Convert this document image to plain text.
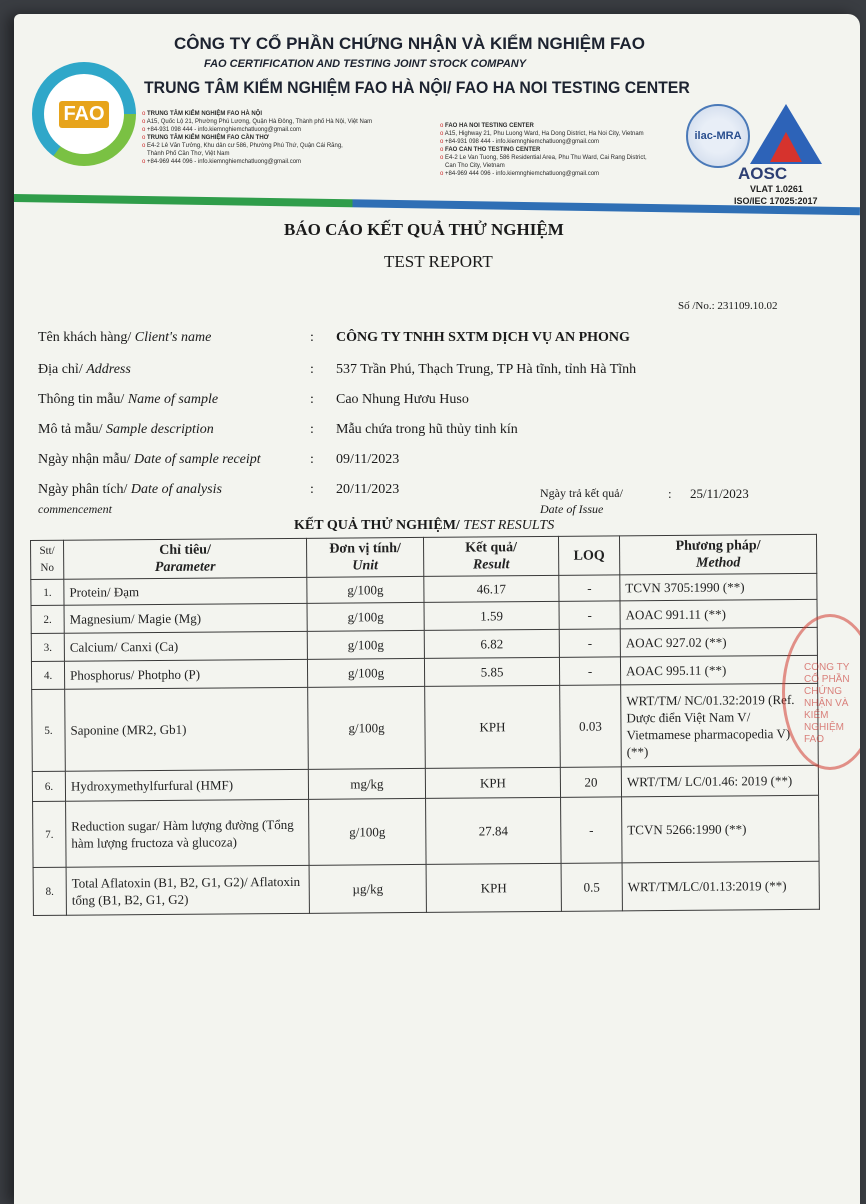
FAO
CÔNG TY CỔ PHẦN CHỨNG NHẬN VÀ KIỂM NGHIỆM FAO
FAO CERTIFICATION AND TESTING JOINT STOCK COMPANY
TRUNG TÂM KIỂM NGHIỆM FAO HÀ NỘI/ FAO HA NOI TESTING CENTER
o TRUNG TÂM KIỂM NGHIỆM FAO HÀ NỘI
o A15, Quốc Lộ 21, Phường Phú Lương, Quận Hà Đông, Thành phố Hà Nội, Việt Nam
o +84-931 098 444 - info.kiemnghiemchatluong@gmail.com
o TRUNG TÂM KIỂM NGHIỆM FAO CẦN THƠ
o E4-2 Lê Văn Tưởng, Khu dân cư 586, Phường Phú Thứ, Quận Cái Răng,
Thành Phố Cần Thơ, Việt Nam
o +84-969 444 096 - info.kiemnghiemchatluong@gmail.com
o FAO HA NOI TESTING CENTER
o A15, Highway 21, Phu Luong Ward, Ha Dong District, Ha Noi City, Vietnam
o +84-931 098 444 - info.kiemnghiemchatluong@gmail.com
o FAO CAN THO TESTING CENTER
o E4-2 Le Van Tuong, 586 Residential Area, Phu Thu Ward, Cai Rang District,
Can Tho City, Vietnam
o +84-969 444 096 - info.kiemnghiemchatluong@gmail.com
ilac-MRA
AOSC
VLAT 1.0261
ISO/IEC 17025:2017
BÁO CÁO KẾT QUẢ THỬ NGHIỆM
TEST REPORT
Số /No.: 231109.10.02
Tên khách hàng/ Client's name	: CÔNG TY TNHH SXTM DỊCH VỤ AN PHONG
Địa chỉ/ Address	: 537 Trần Phú, Thạch Trung, TP Hà tĩnh, tỉnh Hà Tĩnh
Thông tin mẫu/ Name of sample	: Cao Nhung Hươu Huso
Mô tả mẫu/ Sample description	: Mẫu chứa trong hũ thủy tinh kín
Ngày nhận mẫu/ Date of sample receipt	: 09/11/2023
Ngày phân tích/ Date of analysis
commencement
: 20/11/2023	Ngày trả kết quả/
Date of Issue
: 25/11/2023
KẾT QUẢ THỬ NGHIỆM/ TEST RESULTS
Stt/
No	Chỉ tiêu/
Parameter	Đơn vị tính/
Unit	Kết quả/
Result	LOQ	Phương pháp/
Method
1.	Protein/ Đạm	g/100g	46.17	-	TCVN 3705:1990 (**)
2.	Magnesium/ Magie (Mg)	g/100g	1.59	-	AOAC 991.11 (**)
3.	Calcium/ Canxi (Ca)	g/100g	6.82	-	AOAC 927.02 (**)
4.	Phosphorus/ Photpho (P)	g/100g	5.85	-	AOAC 995.11 (**)
5.	Saponine (MR2, Gb1)	g/100g	KPH	0.03	WRT/TM/ NC/01.32:2019 (Ref. Dược điển Việt Nam V/ Vietmamese pharmacopedia V) (**)
6.	Hydroxymethylfurfural (HMF)	mg/kg	KPH	20	WRT/TM/ LC/01.46: 2019 (**)
7.	Reduction sugar/ Hàm lượng đường (Tổng hàm lượng fructoza và glucoza)	g/100g	27.84	-	TCVN 5266:1990 (**)
8.	Total Aflatoxin (B1, B2, G1, G2)/ Aflatoxin tổng (B1, B2, G1, G2)	µg/kg	KPH	0.5	WRT/TM/LC/01.13:2019 (**)
CÔNG TY CỔ PHẦN CHỨNG NHẬN VÀ KIỂM NGHIỆM FAO
